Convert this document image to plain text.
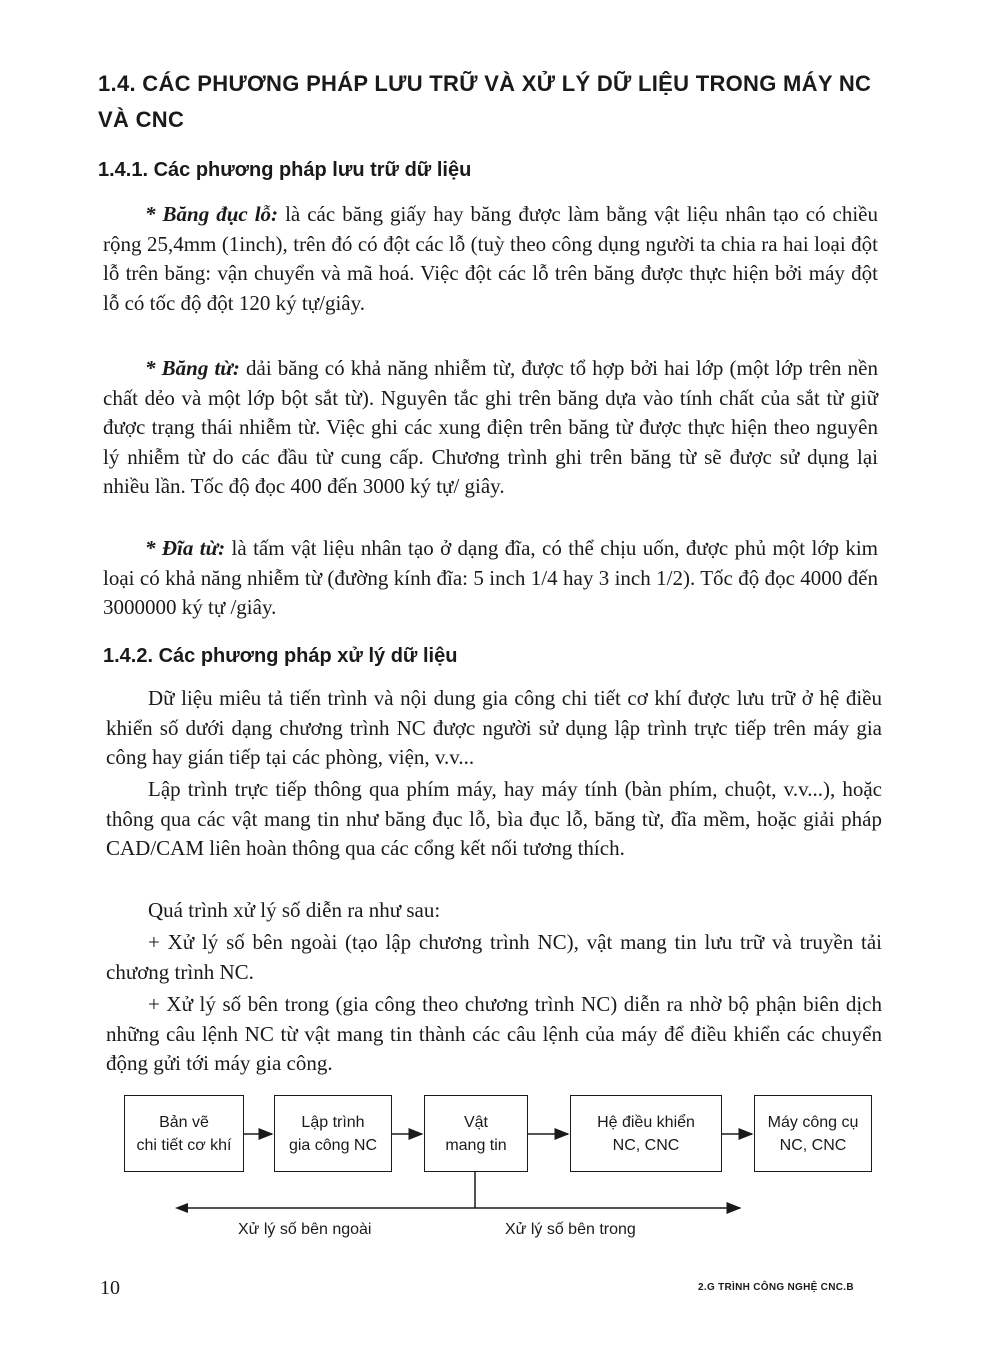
1.4. CÁC PHƯƠNG PHÁP LƯU TRỮ VÀ XỬ LÝ DỮ LIỆU TRONG MÁY NC VÀ CNC
1.4.1. Các phương pháp lưu trữ dữ liệu

* Băng đục lỗ: là các băng giấy hay băng được làm bằng vật liệu nhân tạo có chiều rộng 25,4mm (1inch), trên đó có đột các lỗ (tuỳ theo công dụng người ta chia ra hai loại đột lỗ trên băng: vận chuyển và mã hoá. Việc đột các lỗ trên băng được thực hiện bởi máy đột lỗ có tốc độ đột 120 ký tự/giây.

* Băng từ: dải băng có khả năng nhiễm từ, được tổ hợp bởi hai lớp (một lớp trên nền chất dẻo và một lớp bột sắt từ). Nguyên tắc ghi trên băng dựa vào tính chất của sắt từ giữ được trạng thái nhiễm từ. Việc ghi các xung điện trên băng từ được thực hiện theo nguyên lý nhiễm từ do các đầu từ cung cấp. Chương trình ghi trên băng từ sẽ được sử dụng lại nhiều lần. Tốc độ đọc 400 đến 3000 ký tự/ giây.

* Đĩa từ: là tấm vật liệu nhân tạo ở dạng đĩa, có thể chịu uốn, được phủ một lớp kim loại có khả năng nhiễm từ (đường kính đĩa: 5 inch 1/4 hay 3 inch 1/2). Tốc độ đọc 4000 đến 3000000 ký tự /giây.

1.4.2. Các phương pháp xử lý dữ liệu

Dữ liệu miêu tả tiến trình và nội dung gia công chi tiết cơ khí được lưu trữ ở hệ điều khiển số dưới dạng chương trình NC được người sử dụng lập trình trực tiếp trên máy gia công hay gián tiếp tại các phòng, viện, v.v...

Lập trình trực tiếp thông qua phím máy, hay máy tính (bàn phím, chuột, v.v...), hoặc thông qua các vật mang tin như băng đục lỗ, bìa đục lỗ, băng từ, đĩa mềm, hoặc giải pháp CAD/CAM liên hoàn thông qua các cổng kết nối tương thích.

Quá trình xử lý số diễn ra như sau:

+ Xử lý số bên ngoài (tạo lập chương trình NC), vật mang tin lưu trữ và truyền tải chương trình NC.

+ Xử lý số bên trong (gia công theo chương trình NC) diễn ra nhờ bộ phận biên dịch những câu lệnh NC từ vật mang tin thành các câu lệnh của máy để điều khiển các chuyển động gửi tới máy gia công.

Bản vẽ
chi tiết cơ khí
Lập trình
gia công NC
Vật
mang tin
Hệ điều khiển
NC, CNC
Máy công cụ
NC, CNC
Xử lý số bên ngoài	Xử lý số bên trong
10	2.G TRÌNH CÔNG NGHỆ CNC.B
